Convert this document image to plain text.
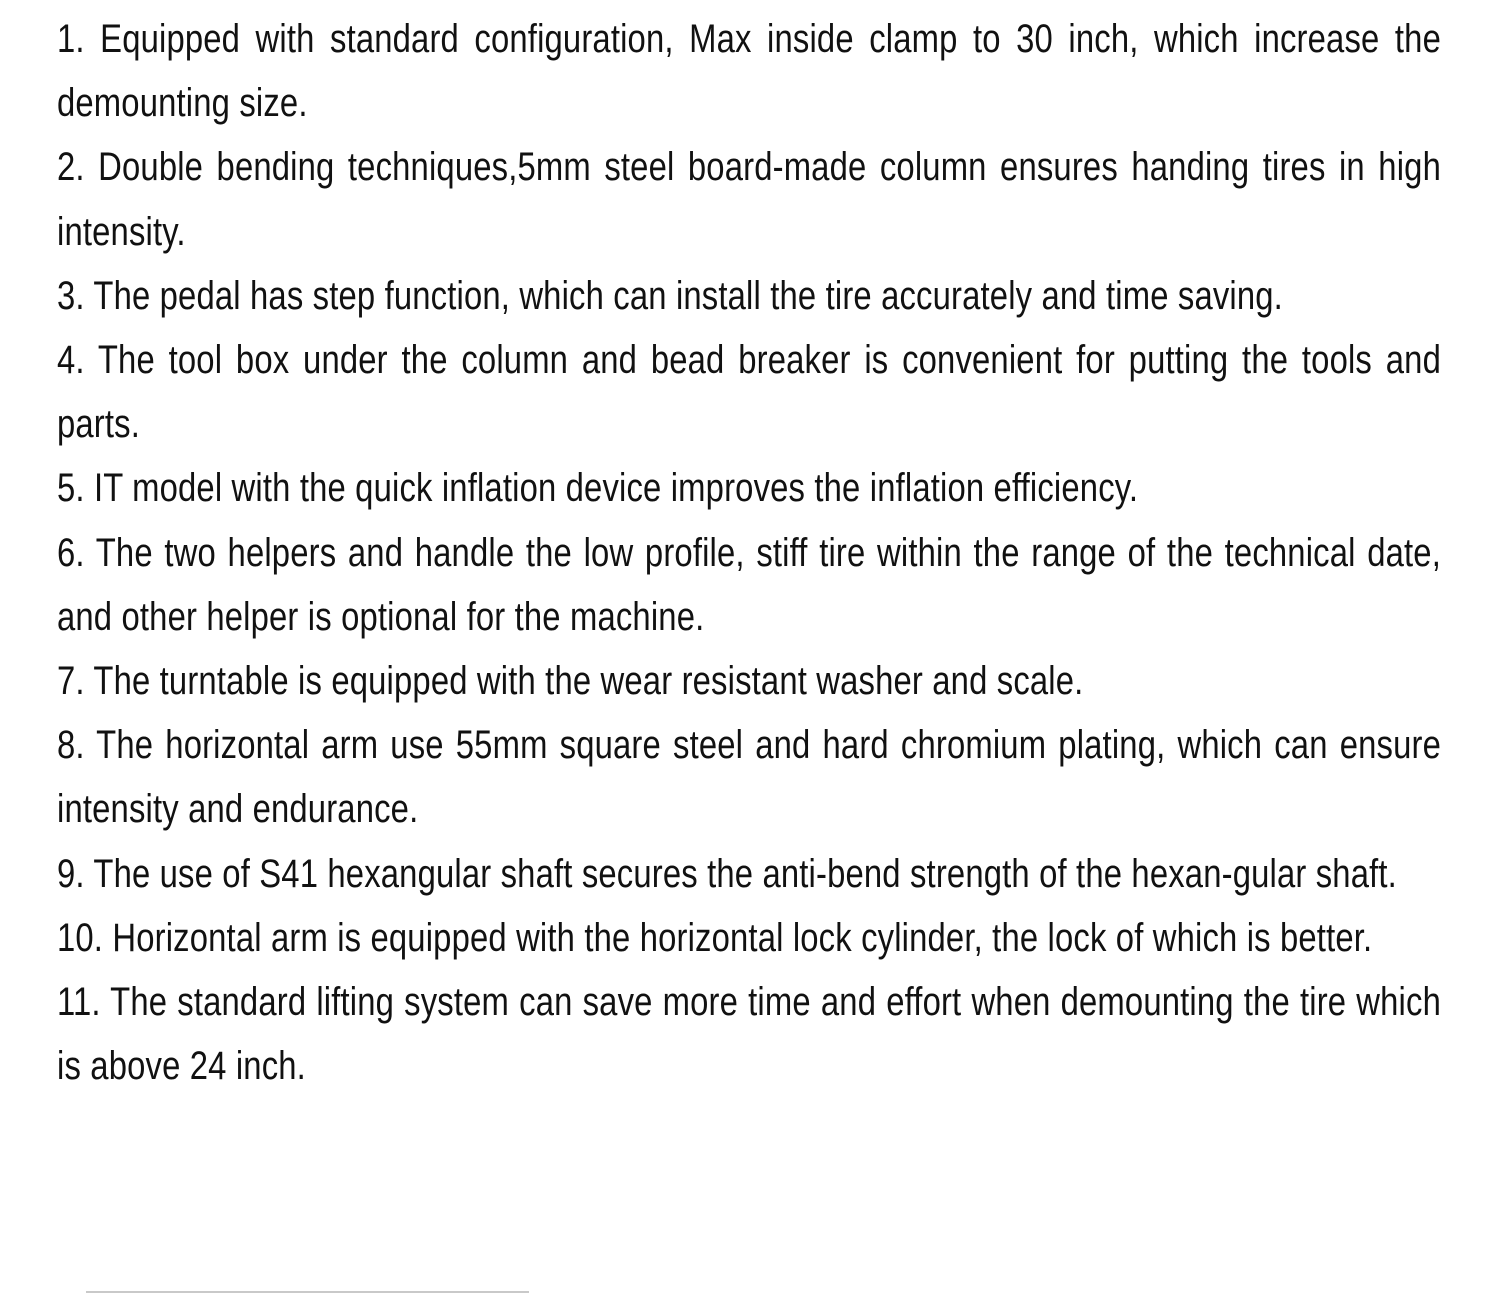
1. Equipped with standard configuration, Max inside clamp to 30 inch, which increase the demounting size.
2. Double bending techniques,5mm steel board-made column ensures handing tires in high intensity.
3. The pedal has step function, which can install the tire accurately and time saving.
4. The tool box under the column and bead breaker is convenient for putting the tools and parts.
5. IT model with the quick inflation device improves the inflation efficiency.
6. The two helpers and handle the low profile, stiff tire within the range of the technical date, and other helper is optional for the machine.
7. The turntable is equipped with the wear resistant washer and scale.
8. The horizontal arm use 55mm square steel and hard chromium plating, which can ensure intensity and endurance.
9. The use of S41 hexangular shaft secures the anti-bend strength of the hexan-gular shaft.
10. Horizontal arm is equipped with the horizontal lock cylinder, the lock of which is better.
11. The standard lifting system can save more time and effort when demounting the tire which is above 24 inch.
